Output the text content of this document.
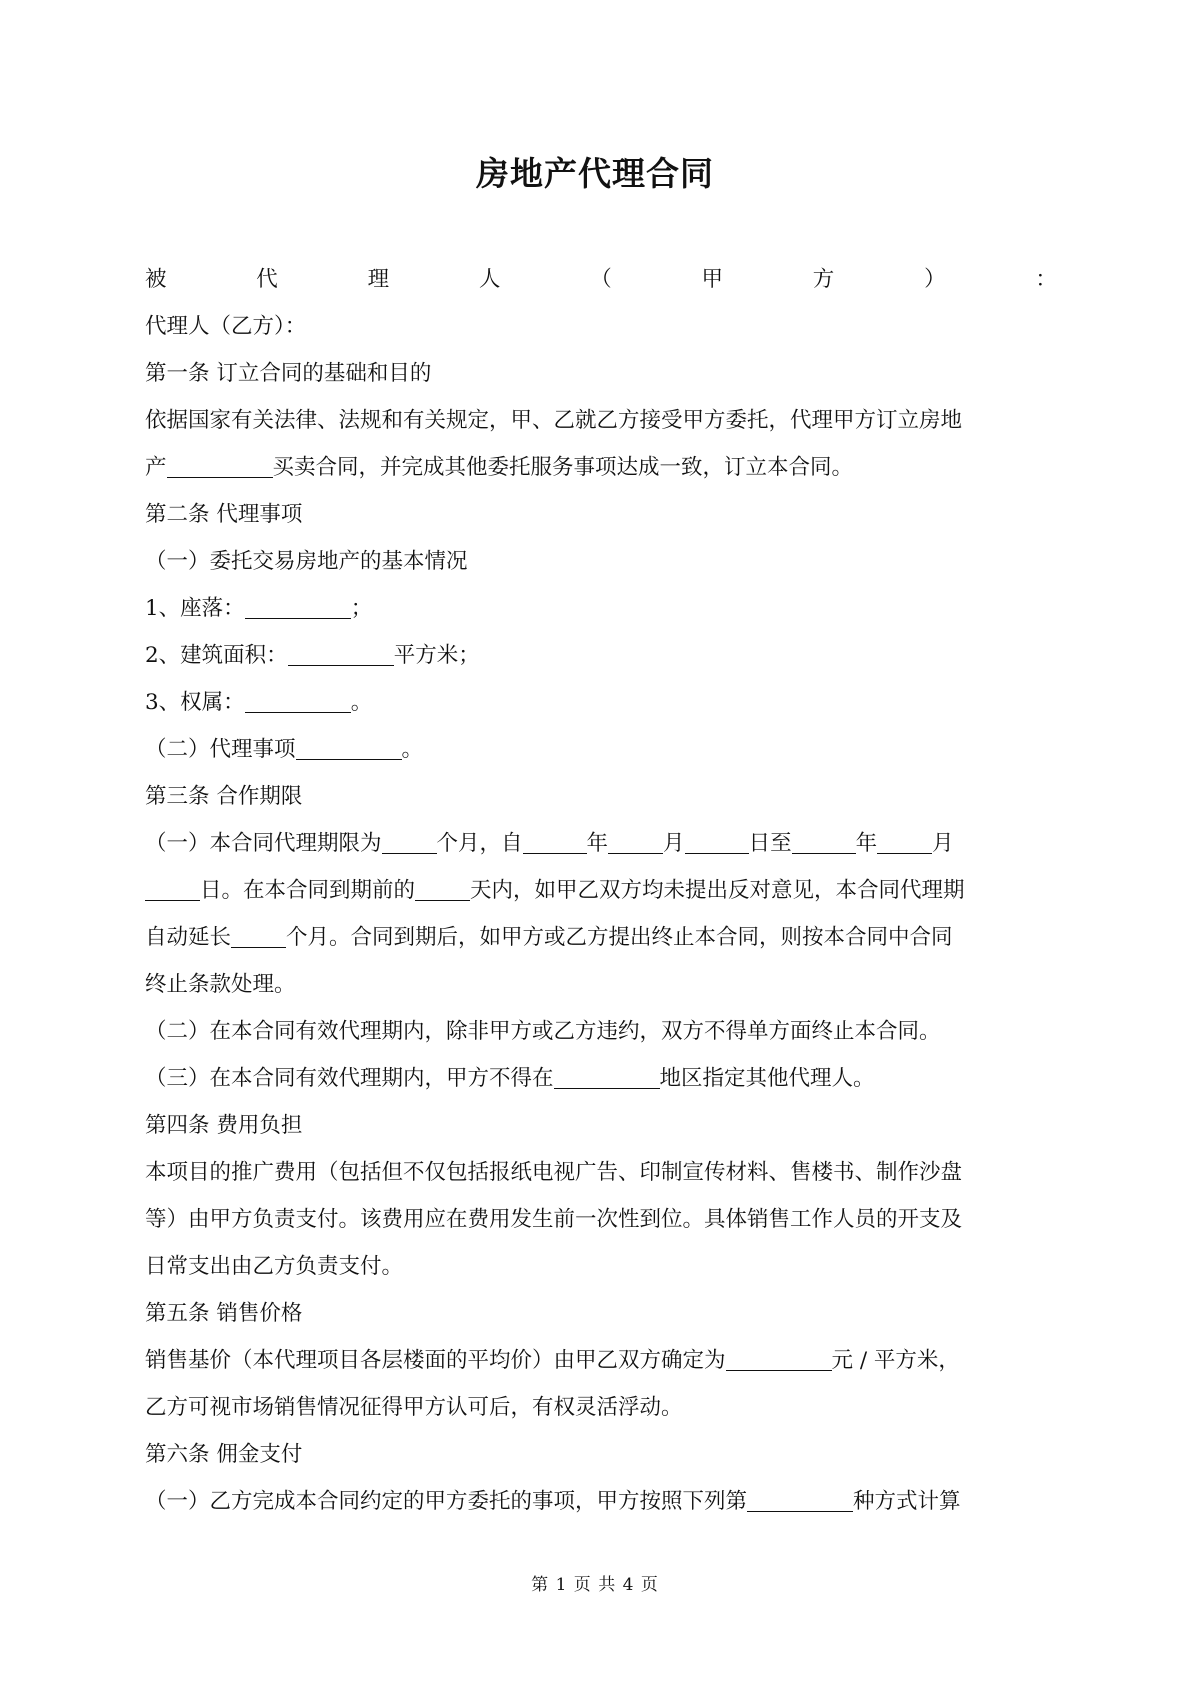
房地产代理合同
被	代	理	人	（	甲	方	）	：
代理人（乙方）：
第一条 订立合同的基础和目的
依据国家有关法律、法规和有关规定，甲、乙就乙方接受甲方委托，代理甲方订立房地
产	买卖合同，并完成其他委托服务事项达成一致，订立本合同。
第二条 代理事项
（一）委托交易房地产的基本情况
1、座落：	；
2、建筑面积：	平方米；
3、权属：	。
（二）代理事项	。
第三条 合作期限
（一）本合同代理期限为	个月，自	年	月	日至	年	月
日。在本合同到期前的	天内，如甲乙双方均未提出反对意见，本合同代理期
自动延长	个月。合同到期后，如甲方或乙方提出终止本合同，则按本合同中合同
终止条款处理。
（二）在本合同有效代理期内，除非甲方或乙方违约，双方不得单方面终止本合同。
（三）在本合同有效代理期内，甲方不得在	地区指定其他代理人。
第四条 费用负担
本项目的推广费用（包括但不仅包括报纸电视广告、印制宣传材料、售楼书、制作沙盘
等）由甲方负责支付。该费用应在费用发生前一次性到位。具体销售工作人员的开支及
日常支出由乙方负责支付。
第五条 销售价格
销售基价（本代理项目各层楼面的平均价）由甲乙双方确定为	元 / 平方米，
乙方可视市场销售情况征得甲方认可后，有权灵活浮动。
第六条 佣金支付
（一）乙方完成本合同约定的甲方委托的事项，甲方按照下列第	种方式计算
第 1 页 共 4 页
